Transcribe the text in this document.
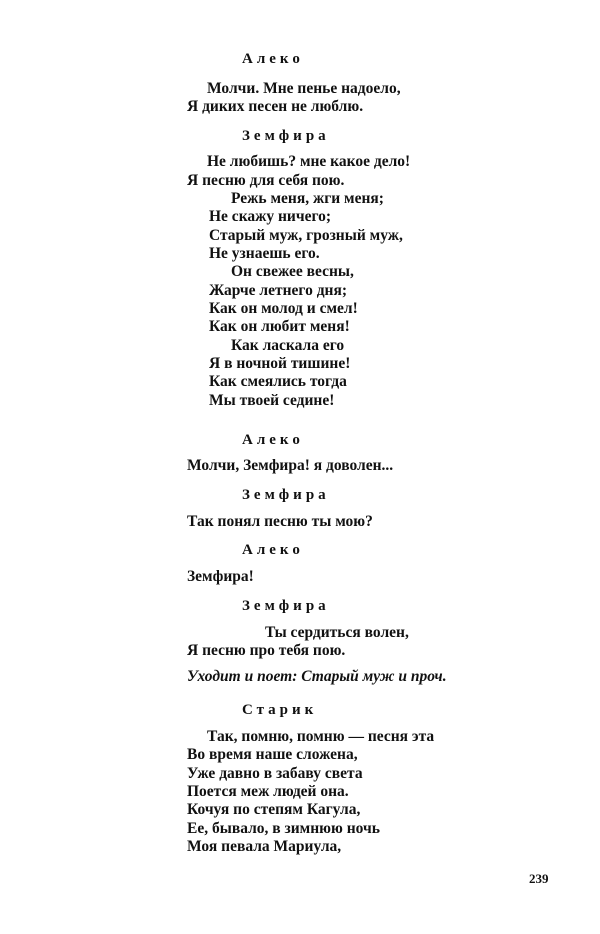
Алеко
Молчи. Мне пенье надоело,
Я диких песен не люблю.
Земфира
Не любишь? мне какое дело!
Я песню для себя пою.
Режь меня, жги меня;
Не скажу ничего;
Старый муж, грозный муж,
Не узнаешь его.
Он свежее весны,
Жарче летнего дня;
Как он молод и смел!
Как он любит меня!
Как ласкала его
Я в ночной тишине!
Как смеялись тогда
Мы твоей седине!
Алеко
Молчи, Земфира! я доволен...
Земфира
Так понял песню ты мою?
Алеко
Земфира!
Земфира
Ты сердиться волен,
Я песню про тебя пою.
Уходит и поет: Старый муж и проч.
Старик
Так, помню, помню — песня эта
Во время наше сложена,
Уже давно в забаву света
Поется меж людей она.
Кочуя по степям Кагула,
Ее, бывало, в зимнюю ночь
Моя певала Мариула,
239
